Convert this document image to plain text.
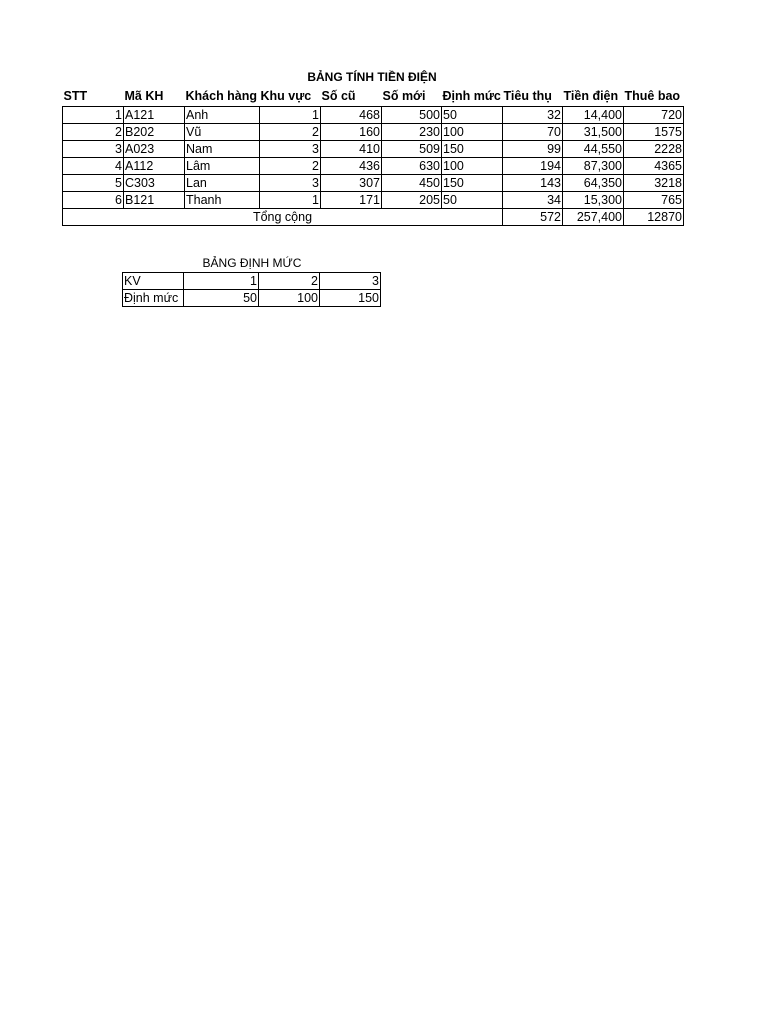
BẢNG TÍNH TIỀN ĐIỆN
STT	Mã KH	Khách hàng	Khu vực	Số cũ	Số mới	Định mức	Tiêu thụ	Tiền điện	Thuê bao
1	A121	Anh	1	468	500	50	32	14,400	720
2	B202	Vũ	2	160	230	100	70	31,500	1575
3	A023	Nam	3	410	509	150	99	44,550	2228
4	A112	Lâm	2	436	630	100	194	87,300	4365
5	C303	Lan	3	307	450	150	143	64,350	3218
6	B121	Thanh	1	171	205	50	34	15,300	765
Tổng cộng							572	257,400	12870
BẢNG ĐỊNH MỨC
KV	1	2	3
Định mức	50	100	150
